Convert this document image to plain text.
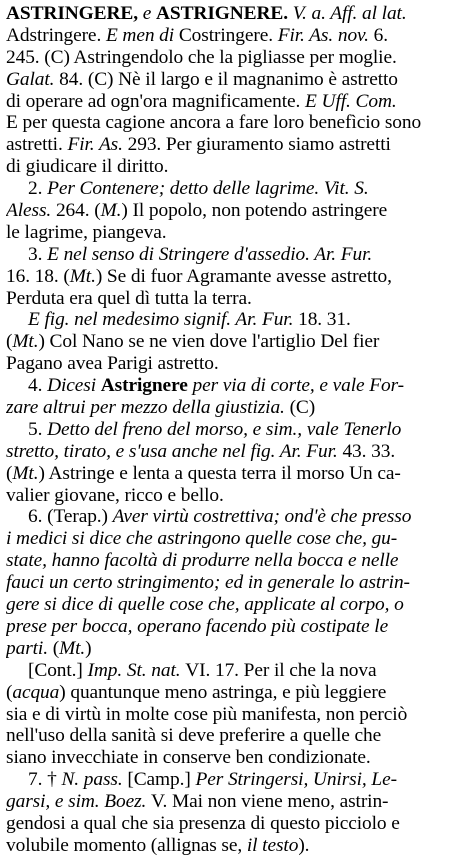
ASTRINGERE, e ASTRIGNERE. V. a. Aff. al lat.
Adstringere. E men di Costringere. Fir. As. nov. 6.
245. (C) Astringendolo che la pigliasse per moglie.
Galat. 84. (C) Nè il largo e il magnanimo è astretto
di operare ad ogn'ora magnificamente. E Uff. Com.
E per questa cagione ancora a fare loro benefìcio sono
astretti. Fir. As. 293. Per giuramento siamo astretti
di giudicare il diritto.
2. Per Contenere; detto delle lagrime. Vit. S.
Aless. 264. (M.) Il popolo, non potendo astringere
le lagrime, piangeva.
3. E nel senso di Stringere d'assedio. Ar. Fur.
16. 18. (Mt.) Se di fuor Agramante avesse astretto,
Perduta era quel dì tutta la terra.
E fig. nel medesimo signif. Ar. Fur. 18. 31.
(Mt.) Col Nano se ne vien dove l'artiglio Del fier
Pagano avea Parigi astretto.
4. Dicesi Astrignere per via di corte, e vale For-
zare altrui per mezzo della giustizia. (C)
5. Detto del freno del morso, e sim., vale Tenerlo
stretto, tirato, e s'usa anche nel fig. Ar. Fur. 43. 33.
(Mt.) Astringe e lenta a questa terra il morso Un ca-
valier giovane, ricco e bello.
6. (Terap.) Aver virtù costrettiva; ond'è che presso
i medici si dice che astringono quelle cose che, gu-
state, hanno facoltà di produrre nella bocca e nelle
fauci un certo stringimento; ed in generale lo astrin-
gere si dice di quelle cose che, applicate al corpo, o
prese per bocca, operano facendo più costipate le
parti. (Mt.)
[Cont.] Imp. St. nat. VI. 17. Per il che la nova
(acqua) quantunque meno astringa, e più leggiere
sia e di virtù in molte cose più manifesta, non perciò
nell'uso della sanità si deve preferire a quelle che
siano invecchiate in conserve ben condizionate.
7. † N. pass. [Camp.] Per Stringersi, Unirsi, Le-
garsi, e sim. Boez. V. Mai non viene meno, astrin-
gendosi a qual che sia presenza di questo picciolo e
volubile momento (allignas se, il testo).
